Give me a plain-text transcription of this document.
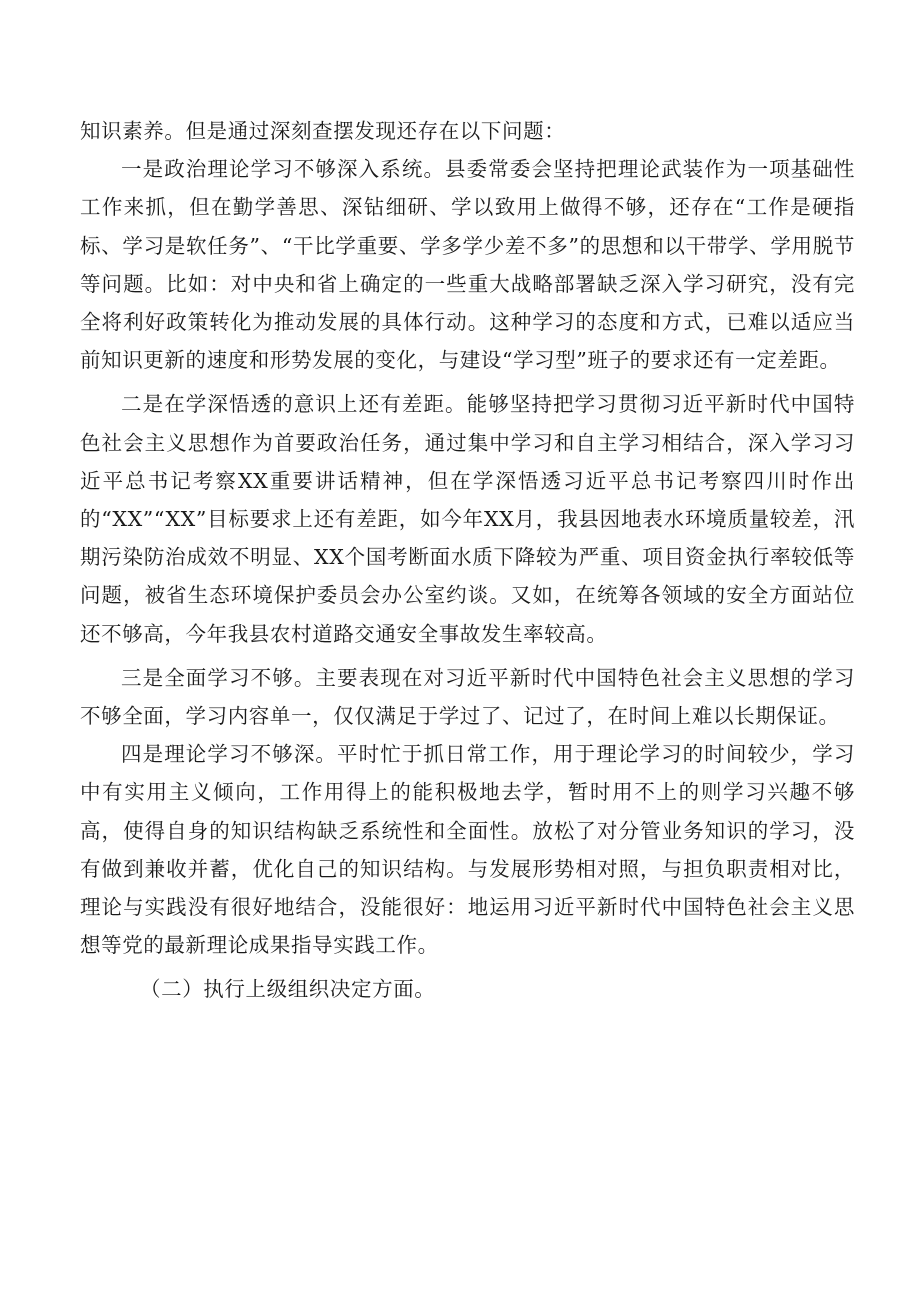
知识素养。但是通过深刻查摆发现还存在以下问题：

一是政治理论学习不够深入系统。县委常委会坚持把理论武装作为一项基础性工作来抓，但在勤学善思、深钻细研、学以致用上做得不够，还存在“工作是硬指标、学习是软任务”、“干比学重要、学多学少差不多”的思想和以干带学、学用脱节等问题。比如：对中央和省上确定的一些重大战略部署缺乏深入学习研究，没有完全将利好政策转化为推动发展的具体行动。这种学习的态度和方式，已难以适应当前知识更新的速度和形势发展的变化，与建设“学习型”班子的要求还有一定差距。

二是在学深悟透的意识上还有差距。能够坚持把学习贯彻习近平新时代中国特色社会主义思想作为首要政治任务，通过集中学习和自主学习相结合，深入学习习近平总书记考察XX重要讲话精神，但在学深悟透习近平总书记考察四川时作出的“XX”“XX”目标要求上还有差距，如今年XX月，我县因地表水环境质量较差，汛期污染防治成效不明显、XX个国考断面水质下降较为严重、项目资金执行率较低等问题，被省生态环境保护委员会办公室约谈。又如，在统筹各领域的安全方面站位还不够高，今年我县农村道路交通安全事故发生率较高。

三是全面学习不够。主要表现在对习近平新时代中国特色社会主义思想的学习不够全面，学习内容单一，仅仅满足于学过了、记过了，在时间上难以长期保证。

四是理论学习不够深。平时忙于抓日常工作，用于理论学习的时间较少，学习中有实用主义倾向，工作用得上的能积极地去学，暂时用不上的则学习兴趣不够高，使得自身的知识结构缺乏系统性和全面性。放松了对分管业务知识的学习，没有做到兼收并蓄，优化自己的知识结构。与发展形势相对照，与担负职责相对比，理论与实践没有很好地结合，没能很好：地运用习近平新时代中国特色社会主义思想等党的最新理论成果指导实践工作。

（二）执行上级组织决定方面。
